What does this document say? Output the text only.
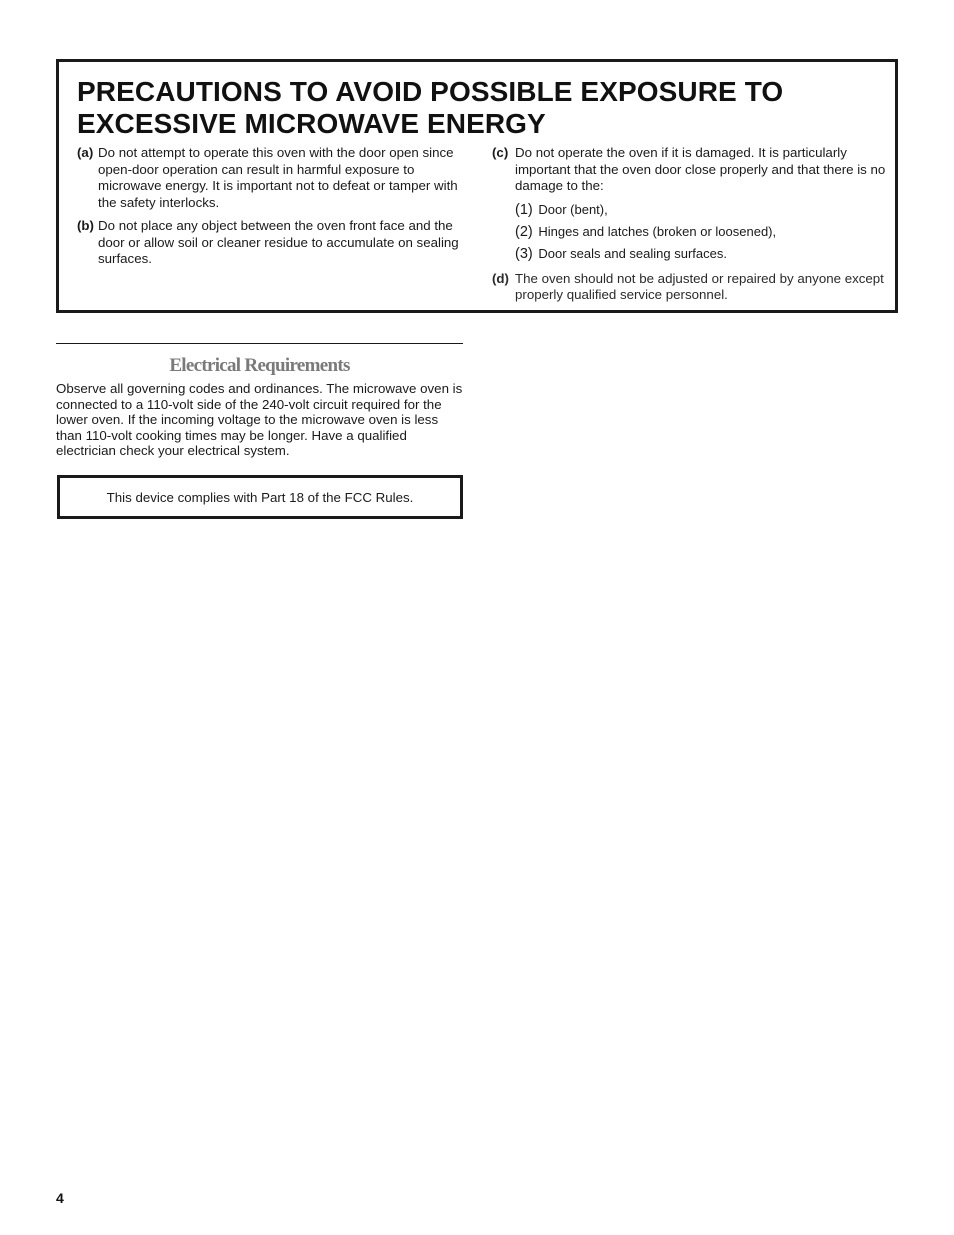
PRECAUTIONS TO AVOID POSSIBLE EXPOSURE TO
EXCESSIVE MICROWAVE ENERGY
(a) Do not attempt to operate this oven with the door open since open-door operation can result in harmful exposure to microwave energy. It is important not to defeat or tamper with the safety interlocks.
(b) Do not place any object between the oven front face and the door or allow soil or cleaner residue to accumulate on sealing surfaces.
(c) Do not operate the oven if it is damaged. It is particularly important that the oven door close properly and that there is no damage to the:
(1) Door (bent),
(2) Hinges and latches (broken or loosened),
(3) Door seals and sealing surfaces.
(d) The oven should not be adjusted or repaired by anyone except properly qualified service personnel.
Electrical Requirements

Observe all governing codes and ordinances. The microwave oven is connected to a 110-volt side of the 240-volt circuit required for the lower oven. If the incoming voltage to the microwave oven is less than 110-volt cooking times may be longer. Have a qualified electrician check your electrical system.

This device complies with Part 18 of the FCC Rules.
4
